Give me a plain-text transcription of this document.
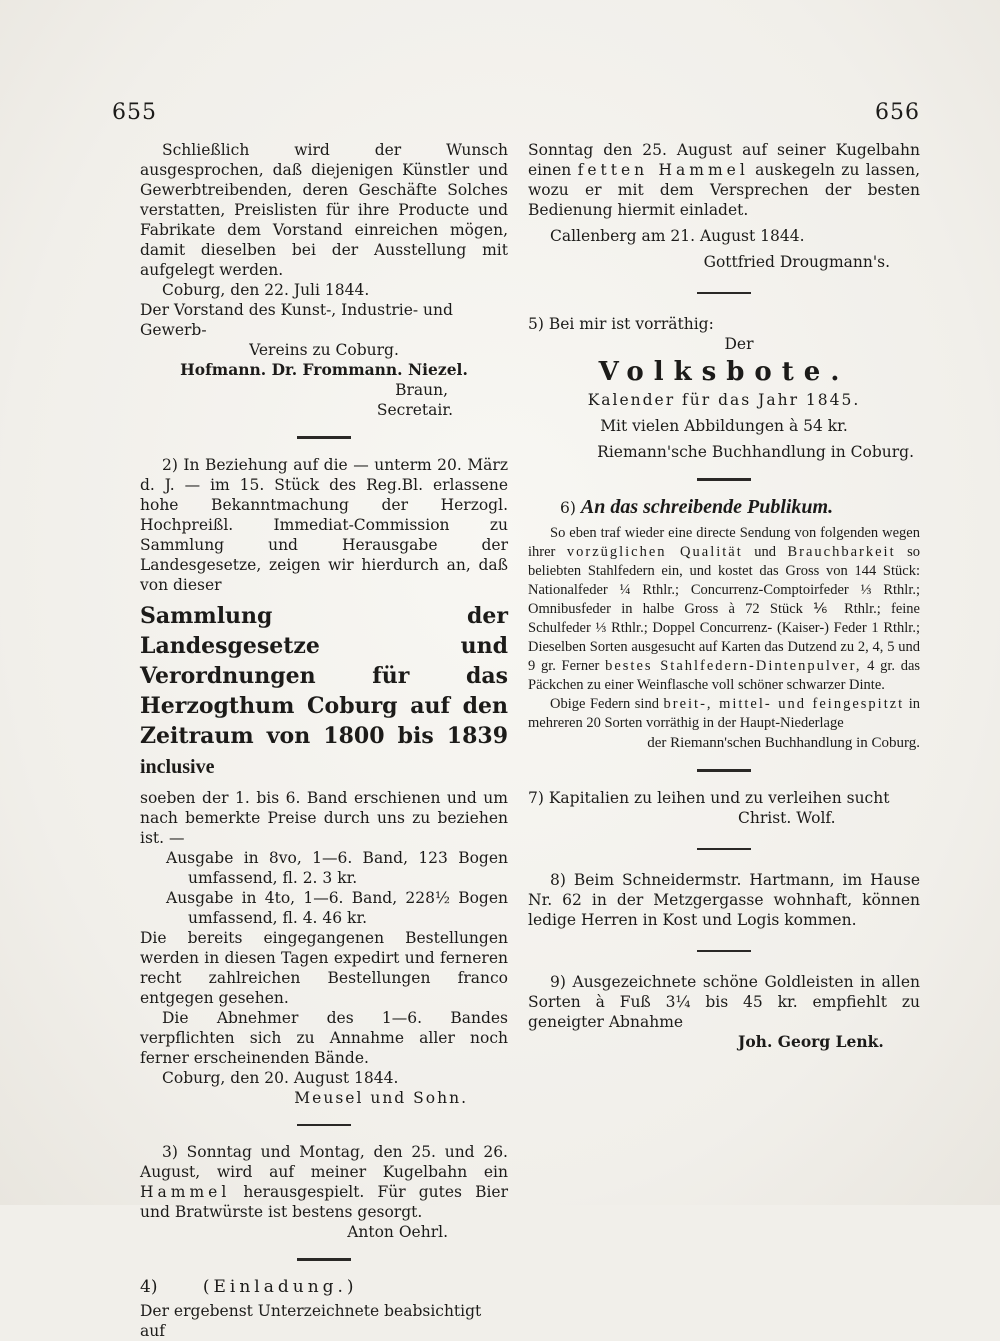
655	656
Schließlich wird der Wunsch ausgesprochen, daß diejenigen Künstler und Gewerbtreibenden, deren Geschäfte Solches verstatten, Preislisten für ihre Producte und Fabrikate dem Vorstand einreichen mögen, damit dieselben bei der Ausstellung mit aufgelegt werden.
Coburg, den 22. Juli 1844.
Der Vorstand des Kunst-, Industrie- und Gewerb-
Vereins zu Coburg.
Hofmann. Dr. Frommann. Niezel.
Braun,
Secretair.
2) In Beziehung auf die — unterm 20. März d. J. — im 15. Stück des Reg.Bl. erlassene hohe Bekanntmachung der Herzogl. Hochpreißl. Immediat-Commission zu Sammlung und Herausgabe der Landesgesetze, zeigen wir hierdurch an, daß von dieser
Sammlung der Landesgesetze und Verordnungen für das Herzogthum Coburg auf den Zeitraum von 1800 bis 1839 inclusive
soeben der 1. bis 6. Band erschienen und um nach bemerkte Preise durch uns zu beziehen ist. —
Ausgabe in 8vo, 1—6. Band, 123 Bogen umfassend, fl. 2. 3 kr.
Ausgabe in 4to, 1—6. Band, 228½ Bogen umfassend, fl. 4. 46 kr.
Die bereits eingegangenen Bestellungen werden in diesen Tagen expedirt und ferneren recht zahlreichen Bestellungen franco entgegen gesehen.
Die Abnehmer des 1—6. Bandes verpflichten sich zu Annahme aller noch ferner erscheinenden Bände.
Coburg, den 20. August 1844.
Meusel und Sohn.
3) Sonntag und Montag, den 25. und 26. August, wird auf meiner Kugelbahn ein Hammel herausgespielt. Für gutes Bier und Bratwürste ist bestens gesorgt.
Anton Oehrl.
4)	(Einladung.)
Der ergebenst Unterzeichnete beabsichtigt auf
Sonntag den 25. August auf seiner Kugelbahn einen fetten Hammel auskegeln zu lassen, wozu er mit dem Versprechen der besten Bedienung hiermit einladet.
Callenberg am 21. August 1844.
Gottfried Drougmann's.
5) Bei mir ist vorräthig:
Der
Volksbote.
Kalender für das Jahr 1845.
Mit vielen Abbildungen à 54 kr.
Riemann'sche Buchhandlung in Coburg.
6) An das schreibende Publikum.
So eben traf wieder eine directe Sendung von folgenden wegen ihrer vorzüglichen Qualität und Brauchbarkeit so beliebten Stahlfedern ein, und kostet das Gross von 144 Stück: Nationalfeder ¼ Rthlr.; Concurrenz-Comptoirfeder ⅓ Rthlr.; Omnibusfeder in halbe Gross à 72 Stück ⅙ Rthlr.; feine Schulfeder ⅓ Rthlr.; Doppel Concurrenz- (Kaiser-) Feder 1 Rthlr.; Dieselben Sorten ausgesucht auf Karten das Dutzend zu 2, 4, 5 und 9 gr. Ferner bestes Stahlfedern-Dintenpulver, 4 gr. das Päckchen zu einer Weinflasche voll schöner schwarzer Dinte.
Obige Federn sind breit-, mittel- und feingespitzt in mehreren 20 Sorten vorräthig in der Haupt-Niederlage
der Riemann'schen Buchhandlung in Coburg.
7) Kapitalien zu leihen und zu verleihen sucht
Christ. Wolf.
8) Beim Schneidermstr. Hartmann, im Hause Nr. 62 in der Metzgergasse wohnhaft, können ledige Herren in Kost und Logis kommen.
9) Ausgezeichnete schöne Goldleisten in allen Sorten à Fuß 3¼ bis 45 kr. empfiehlt zu geneigter Abnahme
Joh. Georg Lenk.
